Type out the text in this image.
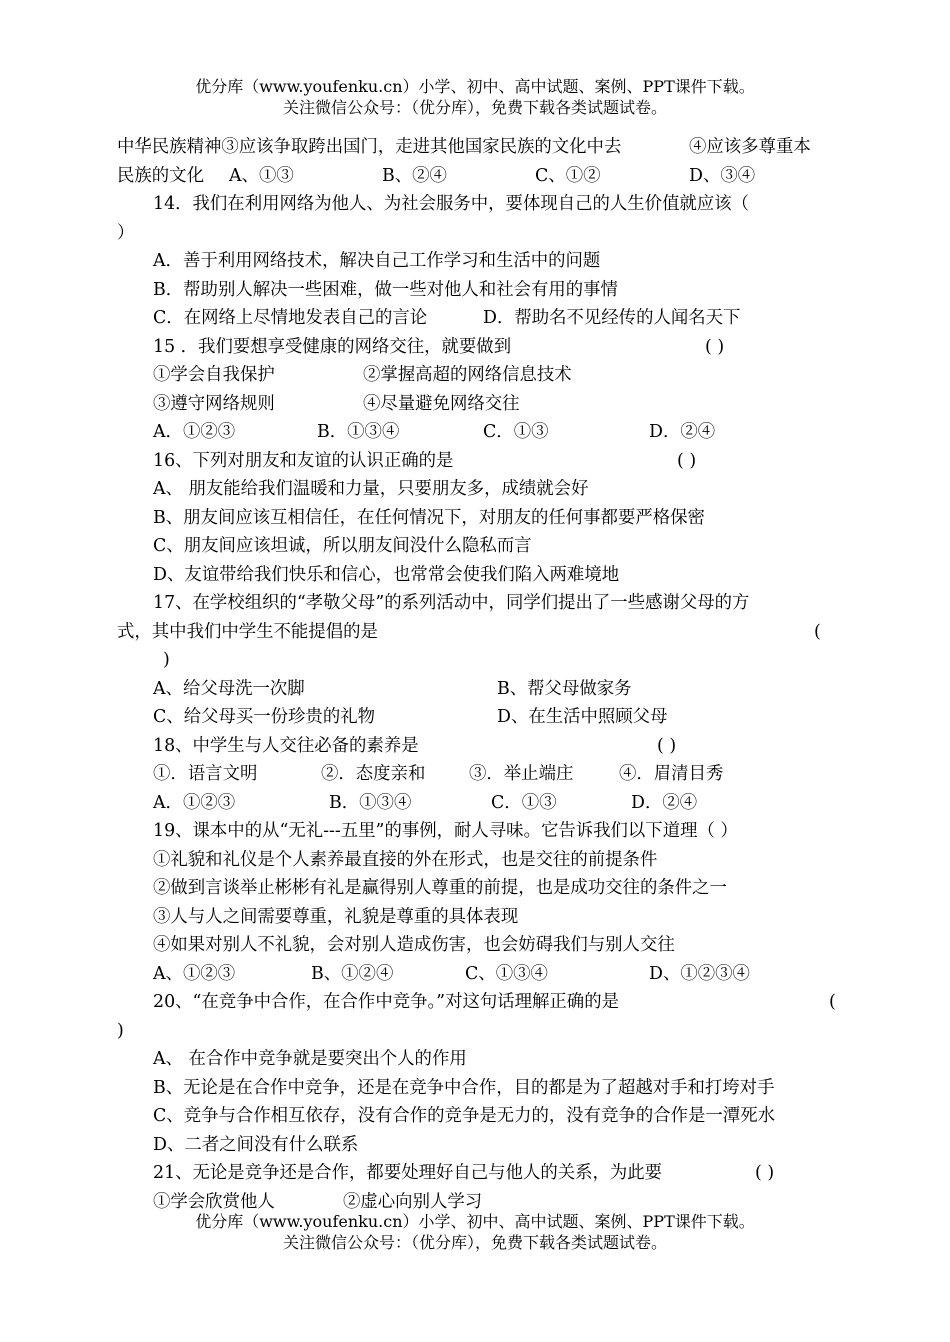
优分库（www.youfenku.cn）小学、初中、高中试题、案例、PPT课件下载。
关注微信公众号：（优分库），免费下载各类试题试卷。
中华民族精神③应该争取跨出国门，走进其他国家民族的文化中去	④应该多尊重本
民族的文化 A、①③	B、②④	C、①②	D、③④
14．我们在利用网络为他人、为社会服务中，要体现自己的人生价值就应该（
）
A．善于利用网络技术，解决自己工作学习和生活中的问题
B．帮助别人解决一些困难，做一些对他人和社会有用的事情
C．在网络上尽情地发表自己的言论	D．帮助名不见经传的人闻名天下
15 ．我们要想享受健康的网络交往，就要做到	( )
①学会自我保护	②掌握高超的网络信息技术
③遵守网络规则	④尽量避免网络交往
A．①②③	B．①③④	C．①③	D．②④
16、下列对朋友和友谊的认识正确的是	( )
A、 朋友能给我们温暖和力量，只要朋友多，成绩就会好
B、朋友间应该互相信任，在任何情况下，对朋友的任何事都要严格保密
C、朋友间应该坦诚，所以朋友间没什么隐私而言
D、友谊带给我们快乐和信心，也常常会使我们陷入两难境地
17、在学校组织的“孝敬父母”的系列活动中，同学们提出了一些感谢父母的方
式，其中我们中学生不能提倡的是	(
)
A、给父母洗一次脚	B、帮父母做家务
C、给父母买一份珍贵的礼物	D、在生活中照顾父母
18、中学生与人交往必备的素养是	( )
①．语言文明	②．态度亲和	③．举止端庄	④．眉清目秀
A．①②③	B．①③④	C．①③	D．②④
19、课本中的从“无礼---五里”的事例，耐人寻味。它告诉我们以下道理（ ）
①礼貌和礼仪是个人素养最直接的外在形式，也是交往的前提条件
②做到言谈举止彬彬有礼是赢得别人尊重的前提，也是成功交往的条件之一
③人与人之间需要尊重，礼貌是尊重的具体表现
④如果对别人不礼貌，会对别人造成伤害，也会妨碍我们与别人交往
A、①②③	B、①②④	C、①③④	D、①②③④
20、“在竞争中合作，在合作中竞争。”对这句话理解正确的是	(
)
A、 在合作中竞争就是要突出个人的作用
B、无论是在合作中竞争，还是在竞争中合作，目的都是为了超越对手和打垮对手
C、竞争与合作相互依存，没有合作的竞争是无力的，没有竞争的合作是一潭死水
D、二者之间没有什么联系
21、无论是竞争还是合作，都要处理好自己与他人的关系，为此要	( )
①学会欣赏他人	②虚心向别人学习
优分库（www.youfenku.cn）小学、初中、高中试题、案例、PPT课件下载。
关注微信公众号：（优分库），免费下载各类试题试卷。
